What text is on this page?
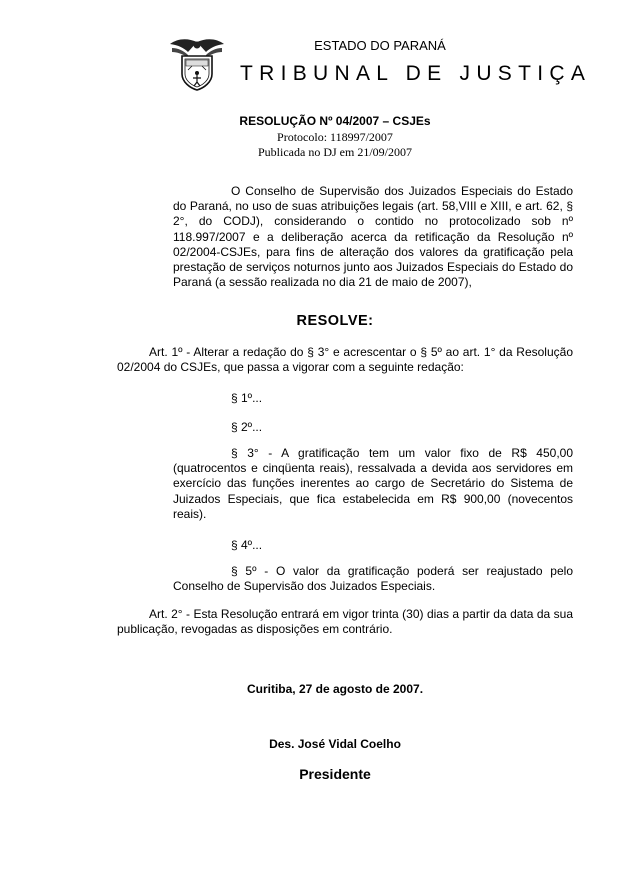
ESTADO DO PARANÁ
TRIBUNAL DE JUSTIÇA
RESOLUÇÃO Nº 04/2007 – CSJEs
Protocolo: 118997/2007
Publicada no DJ em 21/09/2007
O Conselho de Supervisão dos Juizados Especiais do Estado do Paraná, no uso de suas atribuições legais (art. 58,VIII e XIII, e art. 62, § 2°, do CODJ), considerando o contido no protocolizado sob nº 118.997/2007 e a deliberação acerca da retificação da Resolução nº 02/2004-CSJEs, para fins de alteração dos valores da gratificação pela prestação de serviços noturnos junto aos Juizados Especiais do Estado do Paraná (a sessão realizada no dia 21 de maio de 2007),
RESOLVE:
Art. 1º - Alterar a redação do § 3° e acrescentar o § 5º ao art. 1° da Resolução 02/2004 do CSJEs, que passa a vigorar com a seguinte redação:
§ 1º...
§ 2º...
§ 3° - A gratificação tem um valor fixo de R$ 450,00 (quatrocentos e cinqüenta reais), ressalvada a devida aos servidores em exercício das funções inerentes ao cargo de Secretário do Sistema de Juizados Especiais, que fica estabelecida em R$ 900,00 (novecentos reais).
§ 4º...
§ 5º - O valor da gratificação poderá ser reajustado pelo Conselho de Supervisão dos Juizados Especiais.
Art. 2° - Esta Resolução entrará em vigor trinta (30) dias a partir da data da sua publicação, revogadas as disposições em contrário.
Curitiba, 27 de agosto de 2007.
Des. José Vidal Coelho
Presidente
